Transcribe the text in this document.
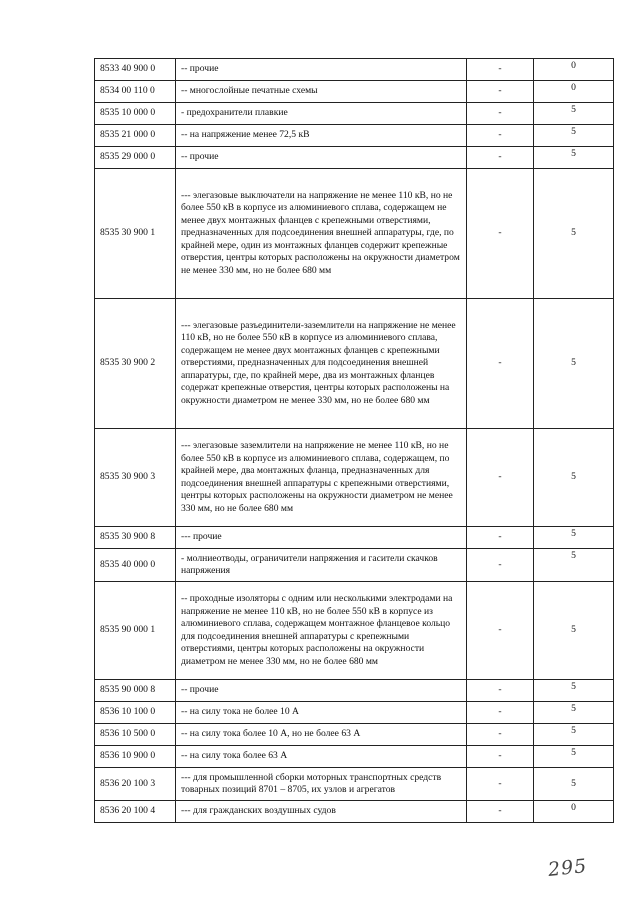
8533 40 900 0	-- прочие	-	0

8534 00 110 0	-- многослойные печатные схемы	-	0

8535 10 000 0	- предохранители плавкие	-	5

8535 21 000 0	-- на напряжение менее 72,5 кВ	-	5

8535 29 000 0	-- прочие	-	5

8535 30 900 1	--- элегазовые выключатели на напряжение не менее 110 кВ, но не более 550 кВ в корпусе из алюминиевого сплава, содержащем не менее двух монтажных фланцев с крепежными отверстиями, предназначенных для подсоединения внешней аппаратуры, где, по крайней мере, один из монтажных фланцев содержит крепежные отверстия, центры которых расположены на окружности диаметром не менее 330 мм, но не более 680 мм	-	5
8535 30 900 2	--- элегазовые разъединители-заземлители на напряжение не менее 110 кВ, но не более 550 кВ в корпусе из алюминиевого сплава, содержащем не менее двух монтажных фланцев с крепежными отверстиями, предназначенных для подсоединения внешней аппаратуры, где, по крайней мере, два из монтажных фланцев содержат крепежные отверстия, центры которых расположены на окружности диаметром не менее 330 мм, но не более 680 мм	-	5
8535 30 900 3	--- элегазовые заземлители на напряжение не менее 110 кВ, но не более 550 кВ в корпусе из алюминиевого сплава, содержащем, по крайней мере, два монтажных фланца, предназначенных для подсоединения внешней аппаратуры с крепежными отверстиями, центры которых расположены на окружности диаметром не менее 330 мм, но не более 680 мм	-	5
8535 30 900 8	--- прочие	-	5

8535 40 000 0	- молниеотводы, ограничители напряжения и гасители скачков напряжения	-	5

8535 90 000 1	-- проходные изоляторы с одним или несколькими электродами на напряжение не менее 110 кВ, но не более 550 кВ в корпусе из алюминиевого сплава, содержащем монтажное фланцевое кольцо для подсоединения внешней аппаратуры с крепежными отверстиями, центры которых расположены на окружности диаметром не менее 330 мм, но не более 680 мм	-	5
8535 90 000 8	-- прочие	-	5

8536 10 100 0	-- на силу тока не более 10 А	-	5

8536 10 500 0	-- на силу тока более 10 А, но не более 63 А	-	5

8536 10 900 0	-- на силу тока более 63 А	-	5

8536 20 100 3	--- для промышленной сборки моторных транспортных средств товарных позиций 8701 – 8705, их узлов и агрегатов	-	5
8536 20 100 4	--- для гражданских воздушных судов	-	0
295
